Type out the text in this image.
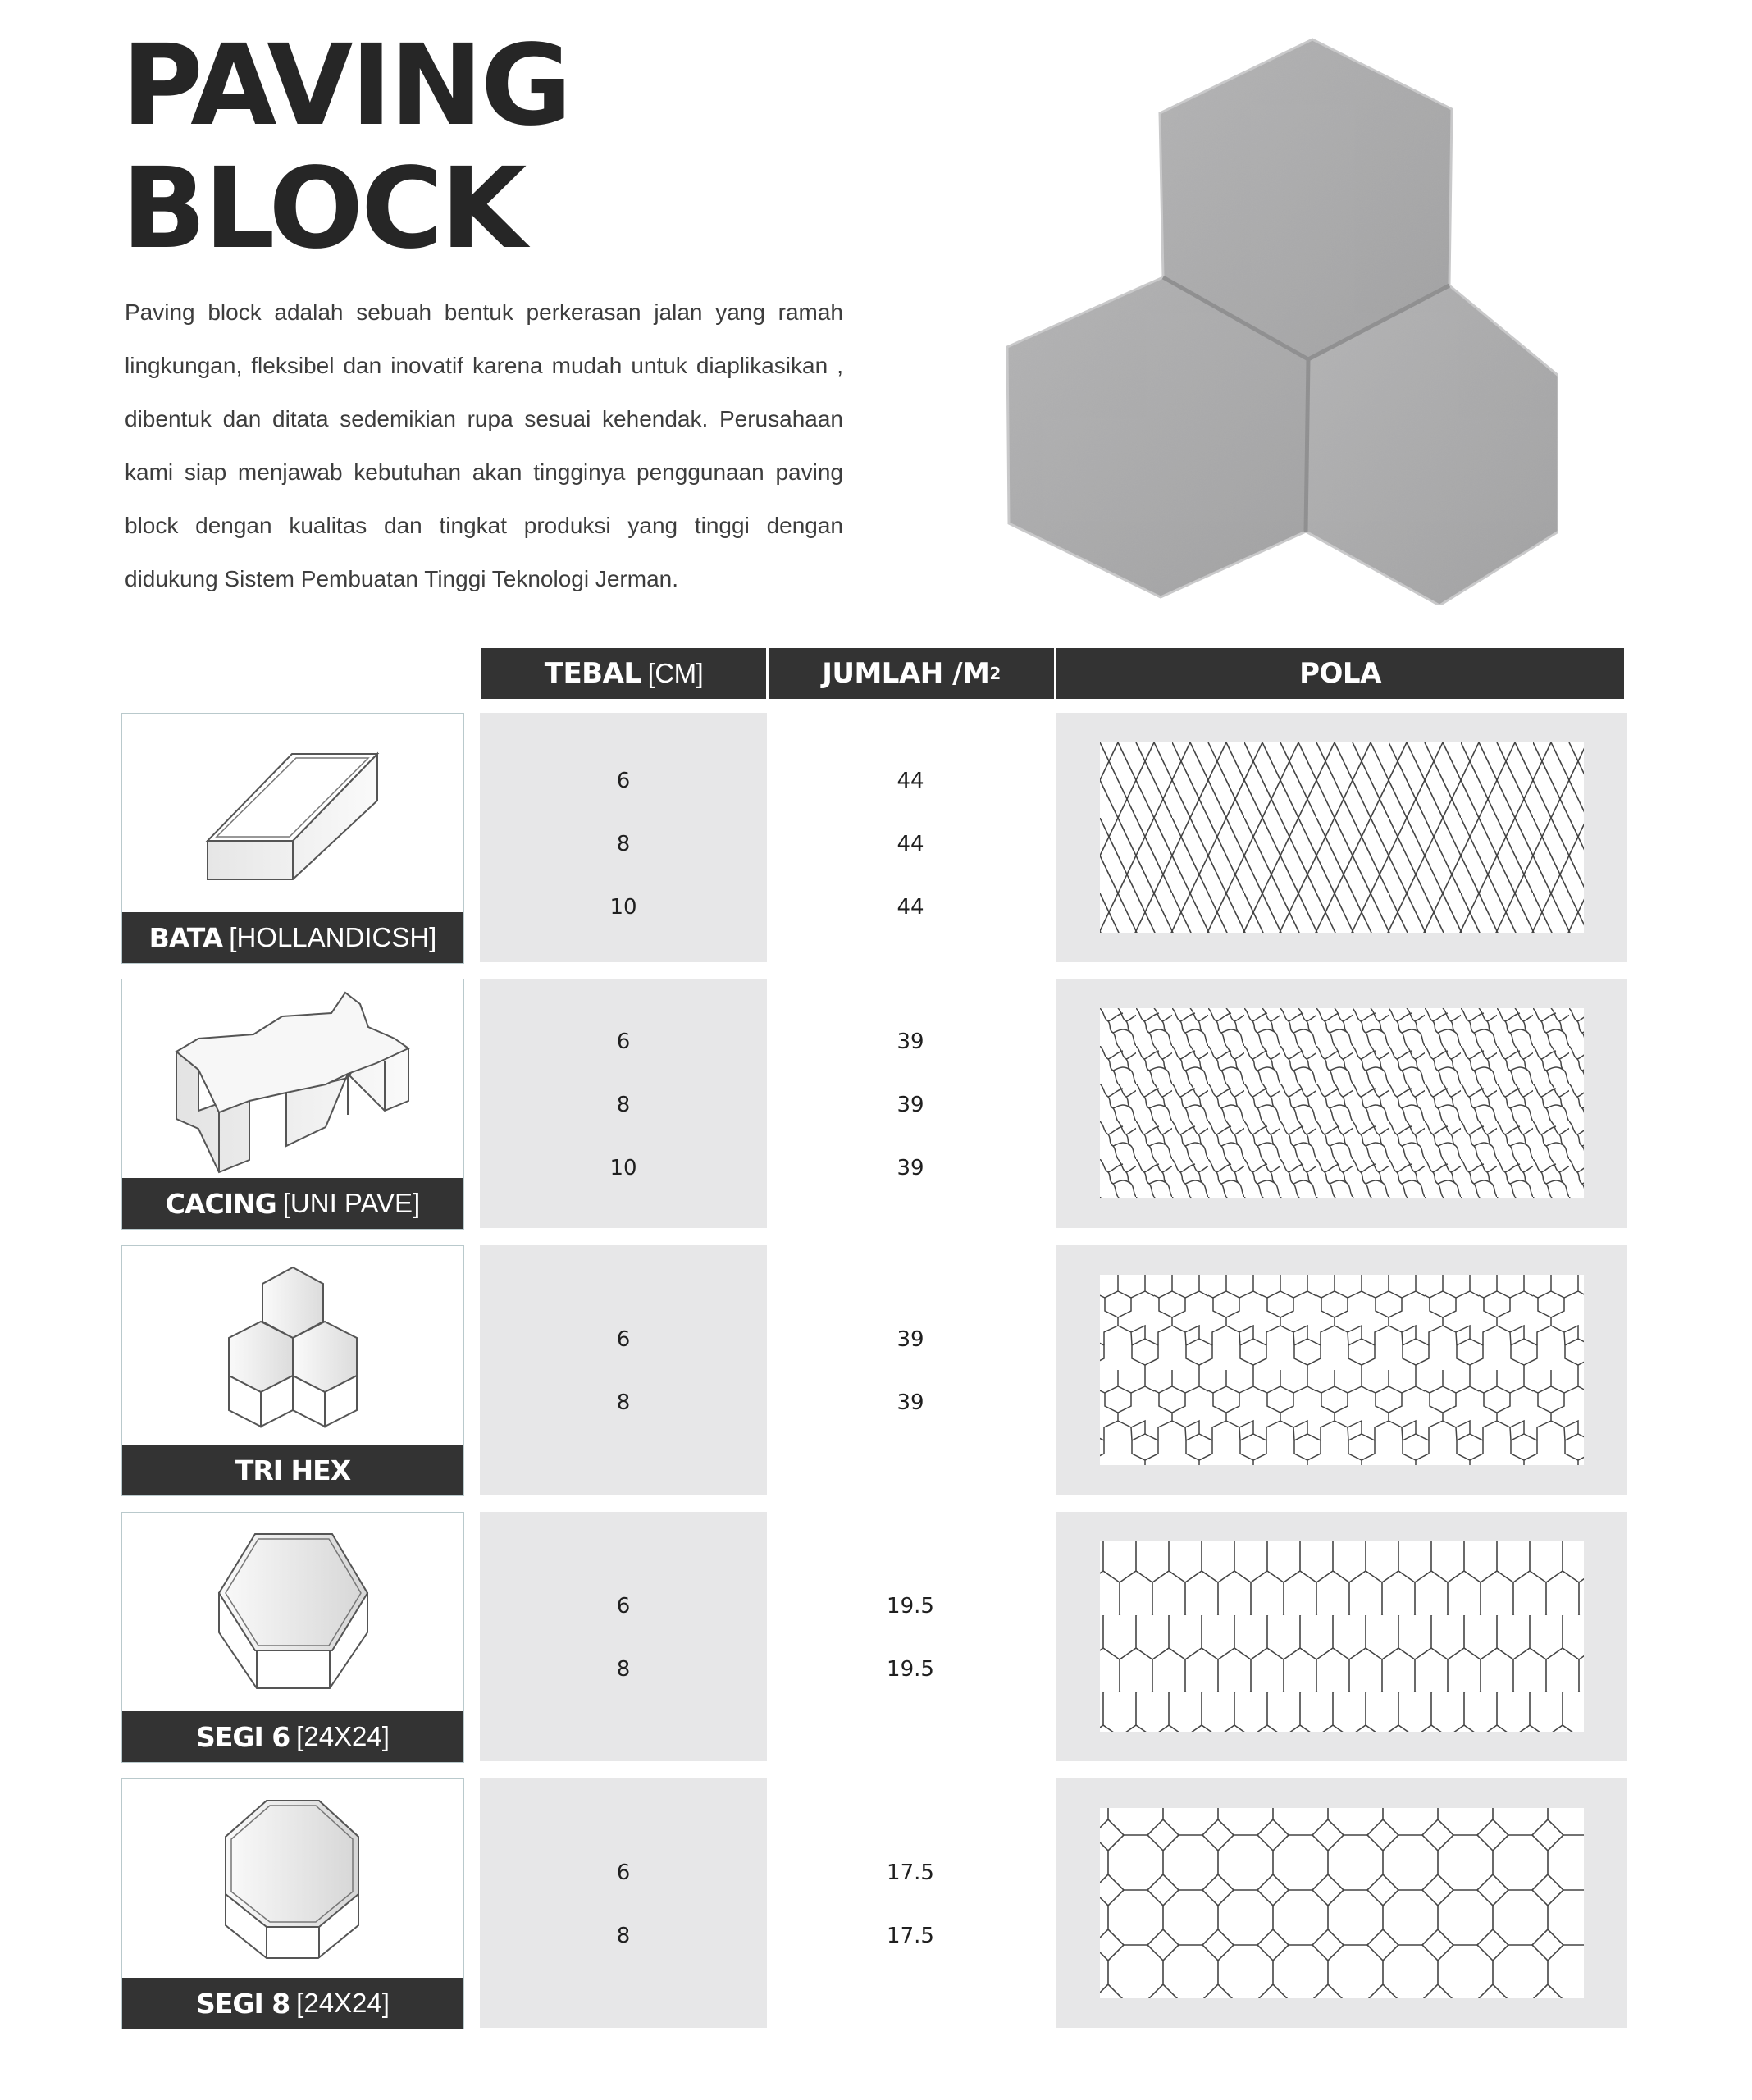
PAVING
BLOCK

Paving block adalah sebuah bentuk perkerasan jalan yang ramah lingkungan, fleksibel dan inovatif karena mudah untuk diaplikasikan , dibentuk dan ditata sedemikian rupa sesuai kehendak. Perusahaan kami siap menjawab kebutuhan akan tingginya penggunaan paving block dengan kualitas dan tingkat produksi yang tinggi dengan didukung Sistem Pembuatan Tinggi Teknologi Jerman.

TEBAL [CM]	JUMLAH /M 2	POLA
BATA [HOLLANDICSH]
6
8
10
44
44
44
CACING [UNI PAVE]
6
8
10
39
39
39
TRI HEX
6
8
39
39
SEGI 6 [24X24]
6
8
19.5
19.5
SEGI 8 [24X24]
6
8
17.5
17.5
